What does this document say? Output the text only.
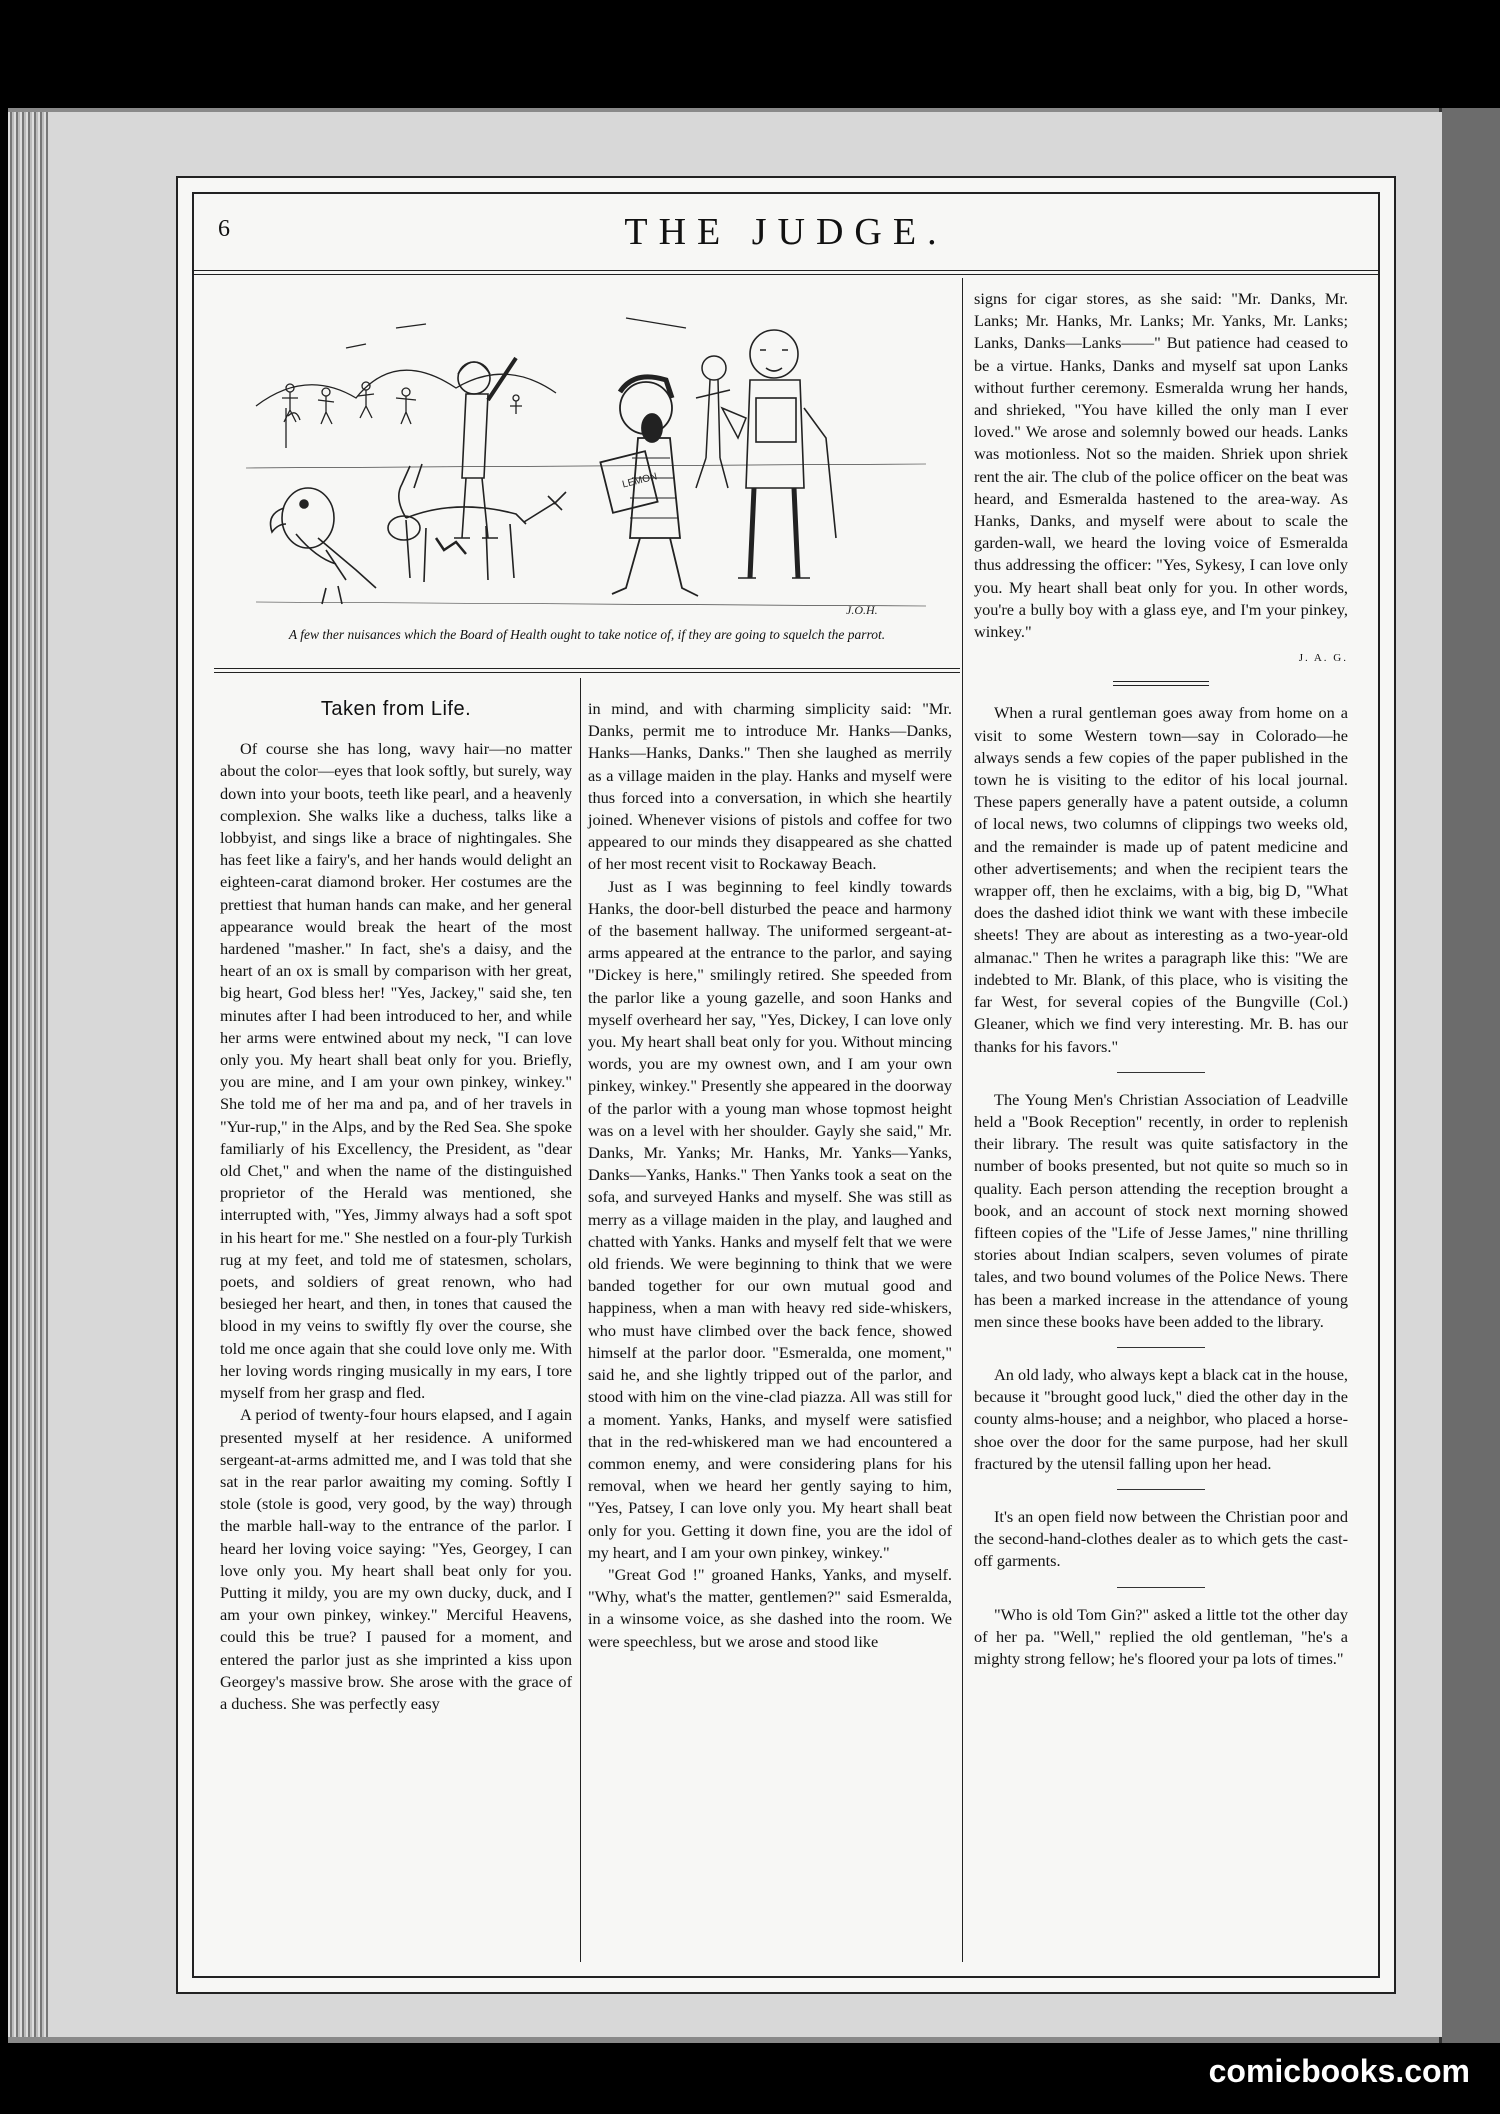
6	THE JUDGE.
LEMON
J.O.H.
A few ther nuisances which the Board of Health ought to take notice of, if they are going to squelch the parrot.
Taken from Life.

Of course she has long, wavy hair—no matter about the color—eyes that look softly, but surely, way down into your boots, teeth like pearl, and a heavenly complexion. She walks like a duchess, talks like a lobbyist, and sings like a brace of nightingales. She has feet like a fairy's, and her hands would delight an eighteen-carat diamond broker. Her costumes are the prettiest that human hands can make, and her general appearance would break the heart of the most hardened "masher." In fact, she's a daisy, and the heart of an ox is small by comparison with her great, big heart, God bless her! "Yes, Jackey," said she, ten minutes after I had been introduced to her, and while her arms were entwined about my neck, "I can love only you. My heart shall beat only for you. Briefly, you are mine, and I am your own pinkey, winkey." She told me of her ma and pa, and of her travels in "Yur-rup," in the Alps, and by the Red Sea. She spoke familiarly of his Excellency, the President, as "dear old Chet," and when the name of the distinguished proprietor of the Herald was mentioned, she interrupted with, "Yes, Jimmy always had a soft spot in his heart for me." She nestled on a four-ply Turkish rug at my feet, and told me of statesmen, scholars, poets, and soldiers of great renown, who had besieged her heart, and then, in tones that caused the blood in my veins to swiftly fly over the course, she told me once again that she could love only me. With her loving words ringing musically in my ears, I tore myself from her grasp and fled.

A period of twenty-four hours elapsed, and I again presented myself at her residence. A uniformed sergeant-at-arms admitted me, and I was told that she sat in the rear parlor awaiting my coming. Softly I stole (stole is good, very good, by the way) through the marble hall-way to the entrance of the parlor. I heard her loving voice saying: "Yes, Georgey, I can love only you. My heart shall beat only for you. Putting it mildy, you are my own ducky, duck, and I am your own pinkey, winkey." Merciful Heavens, could this be true? I paused for a moment, and entered the parlor just as she imprinted a kiss upon Georgey's massive brow. She arose with the grace of a duchess. She was perfectly easy

in mind, and with charming simplicity said: "Mr. Danks, permit me to introduce Mr. Hanks—Danks, Hanks—Hanks, Danks." Then she laughed as merrily as a village maiden in the play. Hanks and myself were thus forced into a conversation, in which she heartily joined. Whenever visions of pistols and coffee for two appeared to our minds they disappeared as she chatted of her most recent visit to Rockaway Beach.

Just as I was beginning to feel kindly towards Hanks, the door-bell disturbed the peace and harmony of the basement hallway. The uniformed sergeant-at-arms appeared at the entrance to the parlor, and saying "Dickey is here," smilingly retired. She speeded from the parlor like a young gazelle, and soon Hanks and myself overheard her say, "Yes, Dickey, I can love only you. My heart shall beat only for you. Without mincing words, you are my ownest own, and I am your own pinkey, winkey." Presently she appeared in the doorway of the parlor with a young man whose topmost height was on a level with her shoulder. Gayly she said," Mr. Danks, Mr. Yanks; Mr. Hanks, Mr. Yanks—Yanks, Danks—Yanks, Hanks." Then Yanks took a seat on the sofa, and surveyed Hanks and myself. She was still as merry as a village maiden in the play, and laughed and chatted with Yanks. Hanks and myself felt that we were old friends. We were beginning to think that we were banded together for our own mutual good and happiness, when a man with heavy red side-whiskers, who must have climbed over the back fence, showed himself at the parlor door. "Esmeralda, one moment," said he, and she lightly tripped out of the parlor, and stood with him on the vine-clad piazza. All was still for a moment. Yanks, Hanks, and myself were satisfied that in the red-whiskered man we had encountered a common enemy, and were considering plans for his removal, when we heard her gently saying to him, "Yes, Patsey, I can love only you. My heart shall beat only for you. Getting it down fine, you are the idol of my heart, and I am your own pinkey, winkey."

"Great God !" groaned Hanks, Yanks, and myself. "Why, what's the matter, gentlemen?" said Esmeralda, in a winsome voice, as she dashed into the room. We were speechless, but we arose and stood like

signs for cigar stores, as she said: "Mr. Danks, Mr. Lanks; Mr. Hanks, Mr. Lanks; Mr. Yanks, Mr. Lanks; Lanks, Danks—Lanks——" But patience had ceased to be a virtue. Hanks, Danks and myself sat upon Lanks without further ceremony. Esmeralda wrung her hands, and shrieked, "You have killed the only man I ever loved." We arose and solemnly bowed our heads. Lanks was motionless. Not so the maiden. Shriek upon shriek rent the air. The club of the police officer on the beat was heard, and Esmeralda hastened to the area-way. As Hanks, Danks, and myself were about to scale the garden-wall, we heard the loving voice of Esmeralda thus addressing the officer: "Yes, Sykesy, I can love only you. My heart shall beat only for you. In other words, you're a bully boy with a glass eye, and I'm your pinkey, winkey."

J. A. G.

When a rural gentleman goes away from home on a visit to some Western town—say in Colorado—he always sends a few copies of the paper published in the town he is visiting to the editor of his local journal. These papers generally have a patent outside, a column of local news, two columns of clippings two weeks old, and the remainder is made up of patent medicine and other advertisements; and when the recipient tears the wrapper off, then he exclaims, with a big, big D, "What does the dashed idiot think we want with these imbecile sheets! They are about as interesting as a two-year-old almanac." Then he writes a paragraph like this: "We are indebted to Mr. Blank, of this place, who is visiting the far West, for several copies of the Bungville (Col.) Gleaner, which we find very interesting. Mr. B. has our thanks for his favors."

The Young Men's Christian Association of Leadville held a "Book Reception" recently, in order to replenish their library. The result was quite satisfactory in the number of books presented, but not quite so much so in quality. Each person attending the reception brought a book, and an account of stock next morning showed fifteen copies of the "Life of Jesse James," nine thrilling stories about Indian scalpers, seven volumes of pirate tales, and two bound volumes of the Police News. There has been a marked increase in the attendance of young men since these books have been added to the library.

An old lady, who always kept a black cat in the house, because it "brought good luck," died the other day in the county alms-house; and a neighbor, who placed a horse-shoe over the door for the same purpose, had her skull fractured by the utensil falling upon her head.

It's an open field now between the Christian poor and the second-hand-clothes dealer as to which gets the cast-off garments.

"Who is old Tom Gin?" asked a little tot the other day of her pa. "Well," replied the old gentleman, "he's a mighty strong fellow; he's floored your pa lots of times."

comicbooks.com
